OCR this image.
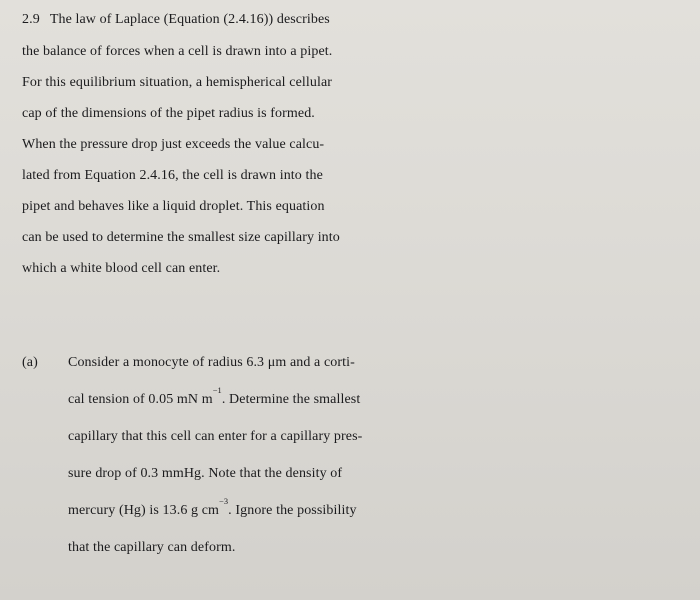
2.9 The law of Laplace (Equation (2.4.16)) describes
the balance of forces when a cell is drawn into a pipet.
For this equilibrium situation, a hemispherical cellular
cap of the dimensions of the pipet radius is formed.
When the pressure drop just exceeds the value calcu-
lated from Equation 2.4.16, the cell is drawn into the
pipet and behaves like a liquid droplet. This equation
can be used to determine the smallest size capillary into
which a white blood cell can enter.
(a) Consider a monocyte of radius 6.3 μm and a corti-
cal tension of 0.05 mN $m^{-1}$. Determine the smallest
capillary that this cell can enter for a capillary pres-
sure drop of 0.3 mmHg. Note that the density of
mercury (Hg) is 13.6 g $cm^{-3}$. Ignore the possibility
that the capillary can deform.
